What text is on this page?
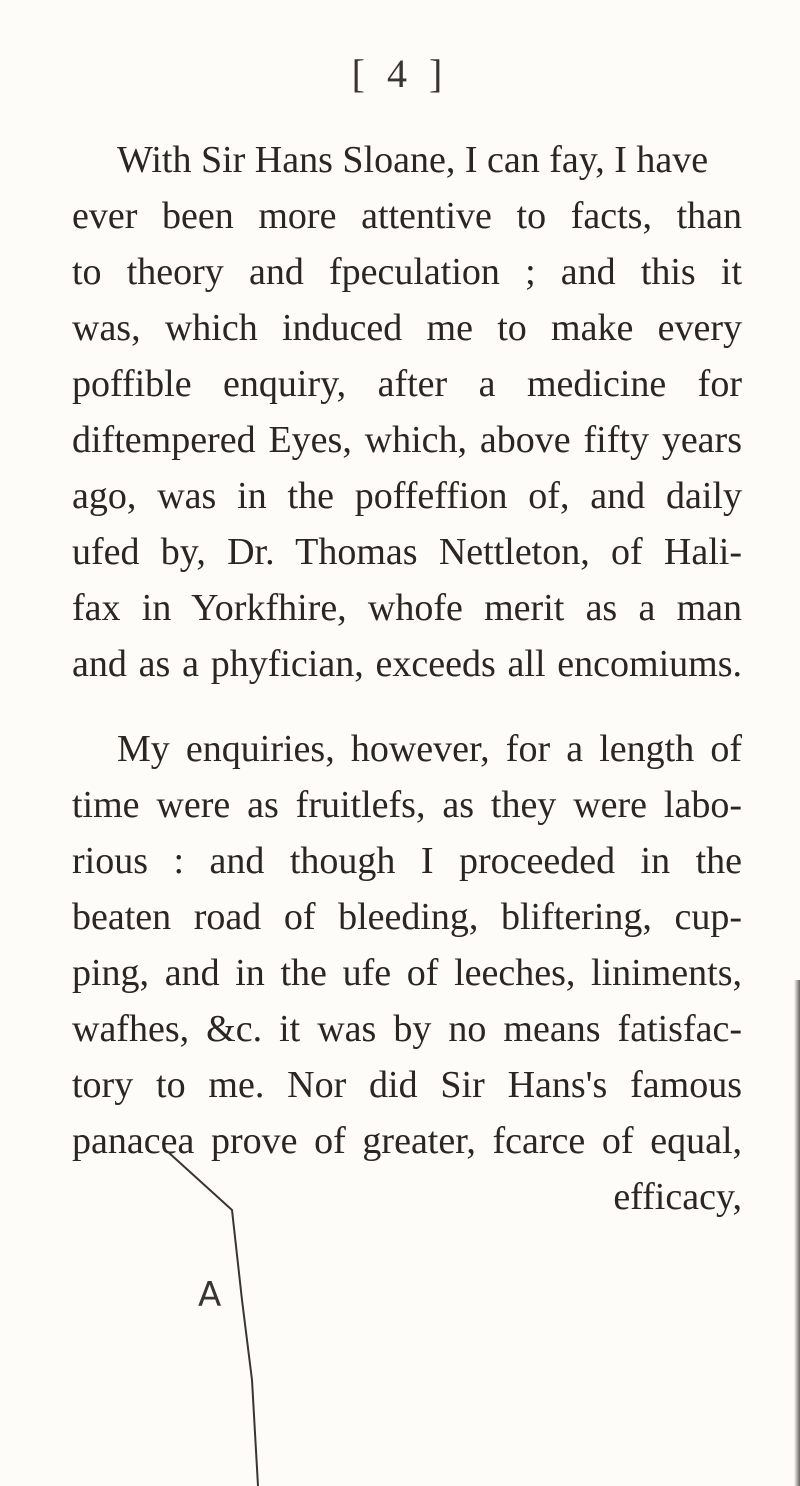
[ 4 ]
With Sir Hans Sloane, I can fay, I have
ever been more attentive to facts, than
to theory and fpeculation ; and this it
was, which induced me to make every
poffible enquiry, after a medicine for
diftempered Eyes, which, above fifty years
ago, was in the poffeffion of, and daily
ufed by, Dr. Thomas Nettleton, of Hali-
fax in Yorkfhire, whofe merit as a man
and as a phyfician, exceeds all encomiums.
My enquiries, however, for a length of
time were as fruitlefs, as they were labo-
rious : and though I proceeded in the
beaten road of bleeding, bliftering, cup-
ping, and in the ufe of leeches, liniments,
wafhes, &c. it was by no means fatisfac-
tory to me. Nor did Sir Hans's famous
panacea prove of greater, fcarce of equal,
efficacy,
A
